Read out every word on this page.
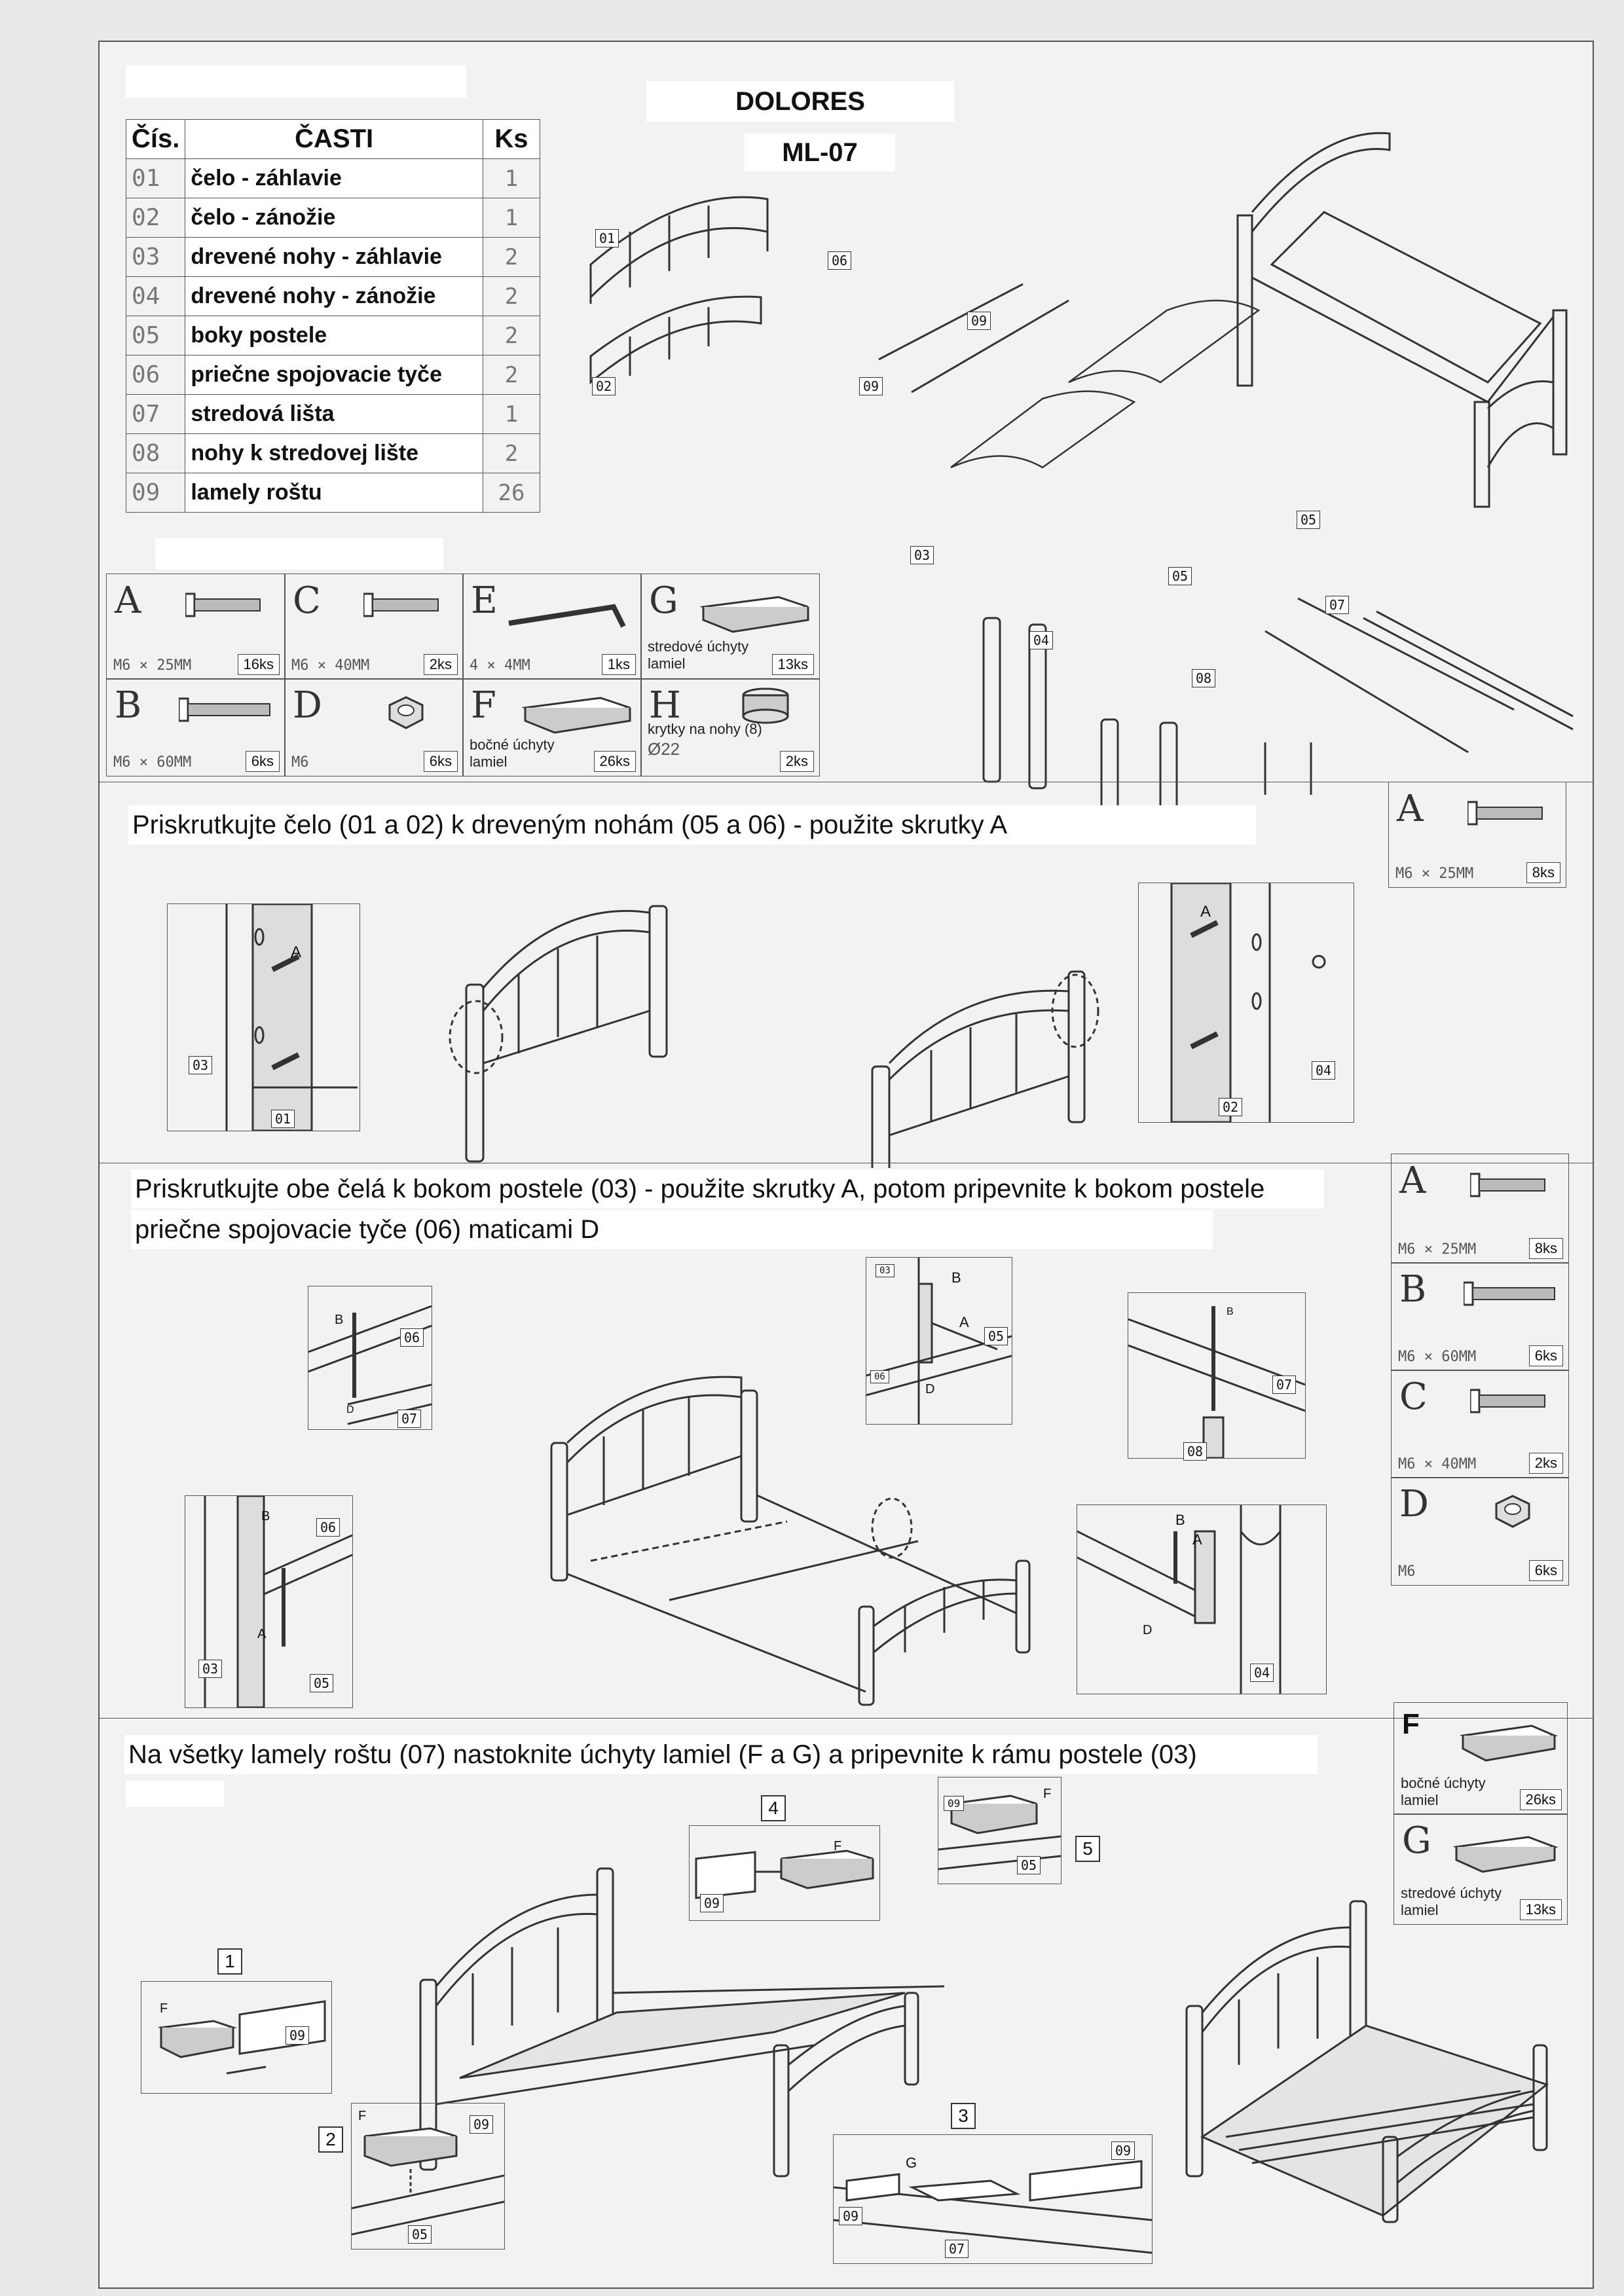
DOLORES
ML-07
Čís.	ČASTI	Ks
01	čelo - záhlavie	1
02	čelo - zánožie	1
03	drevené nohy - záhlavie	2
04	drevené nohy - zánožie	2
05	boky postele	2
06	priečne spojovacie tyče	2
07	stredová lišta	1
08	nohy k stredovej lište	2
09	lamely roštu	26
01
02
06
09
09
03
04
05
05
07
08
A
M6 × 25MM	16ks
C
M6 × 40MM	2ks
E
4 × 4MM	1ks
G
stredové úchyty lamiel	13ks
B
M6 × 60MM	6ks
D
M6	6ks
F
bočné úchyty lamiel	26ks
H
krytky na nohy (8)
Ø22
2ks
Priskrutkujte čelo (01 a 02) k dreveným nohám (05 a 06) - použite skrutky A	A
M6 × 25MM	8ks
A
03
01
A
02
04
Priskrutkujte obe čelá k bokom postele (03) - použite skrutky A, potom pripevnite k bokom postele
priečne spojovacie tyče (06) maticami D
A
M6 × 25MM	8ks
B
M6 × 60MM	6ks
C
M6 × 40MM	2ks
D
M6	6ks
B
D
06
07
B
A
03
05
06
B
A
D
03
05
06
B
07
08
B
A
D
04
Na všetky lamely roštu (07) nastoknite úchyty lamiel (F a G) a pripevnite k rámu postele (03)
F
bočné úchyty lamiel	26ks
G
stredové úchyty lamiel	13ks
1
F
09
2
F
09
05
3
G
09
09
07
4
F
09
5
F
09
05
